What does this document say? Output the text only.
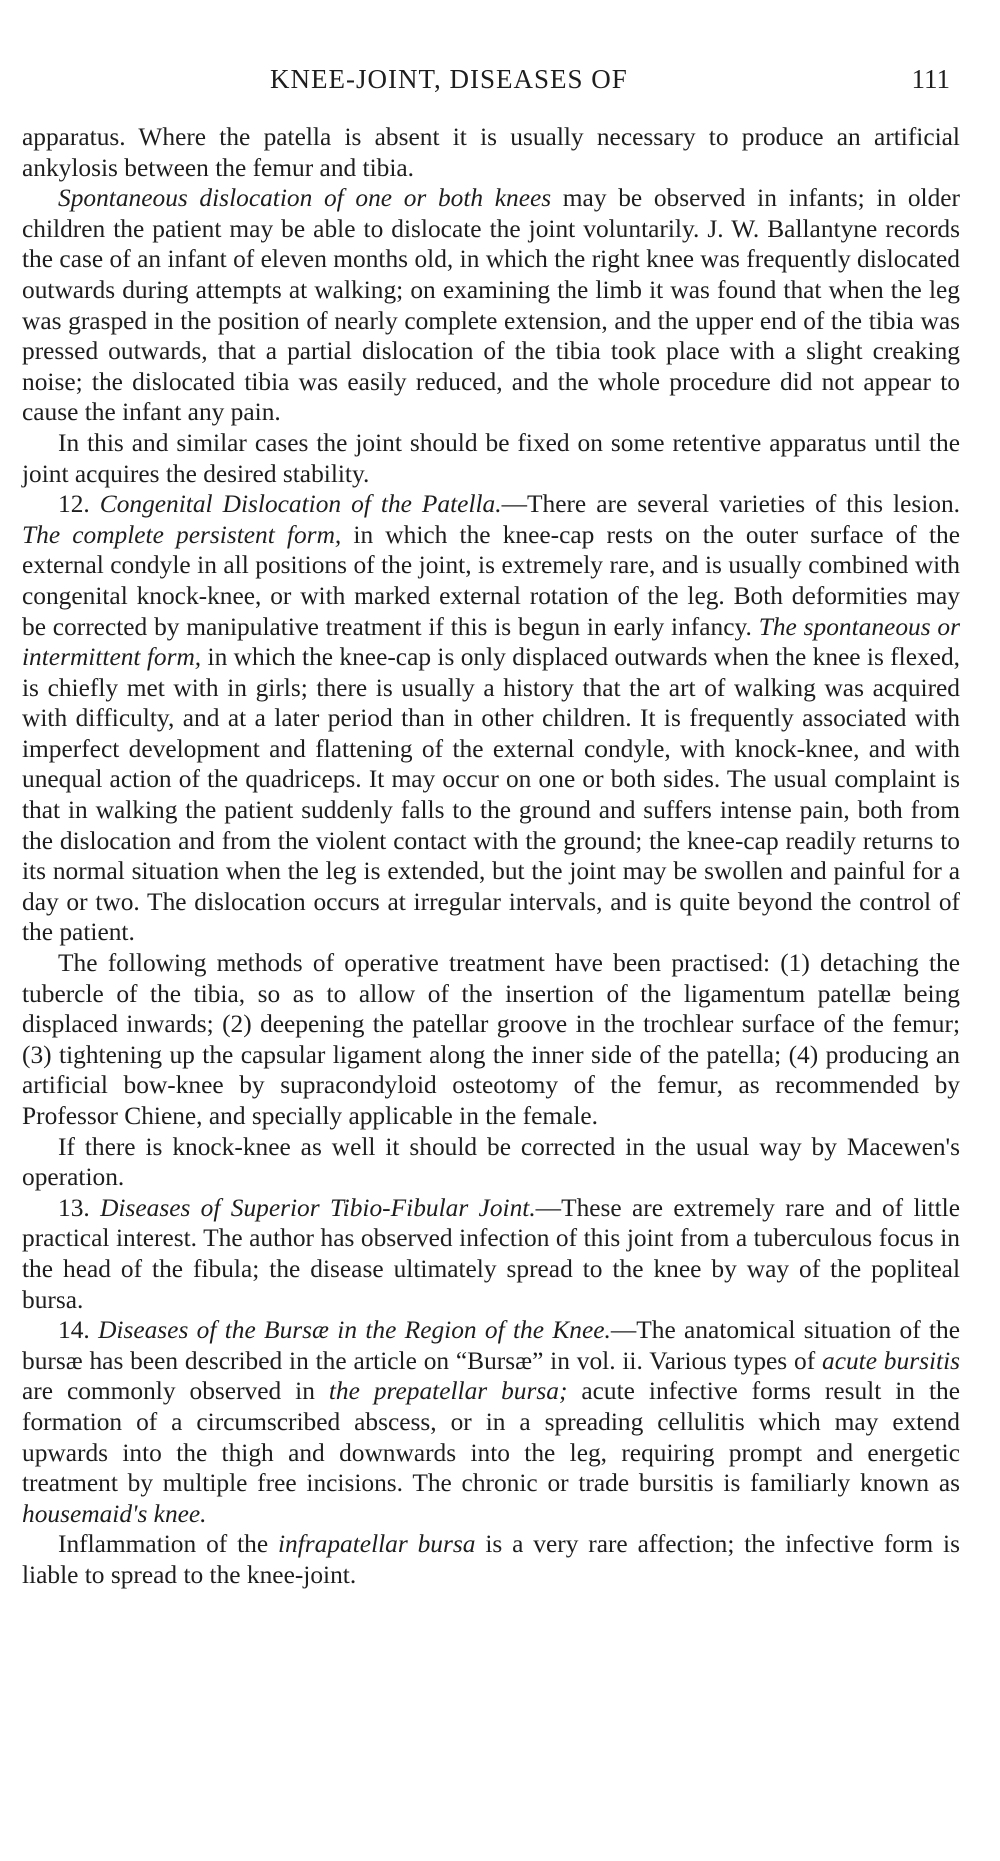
KNEE-JOINT, DISEASES OF	111

apparatus. Where the patella is absent it is usually necessary to produce an artificial ankylosis between the femur and tibia.

Spontaneous dislocation of one or both knees may be observed in infants; in older children the patient may be able to dislocate the joint voluntarily. J. W. Ballantyne records the case of an infant of eleven months old, in which the right knee was frequently dislocated outwards during attempts at walking; on examining the limb it was found that when the leg was grasped in the position of nearly complete extension, and the upper end of the tibia was pressed outwards, that a partial dislocation of the tibia took place with a slight creaking noise; the dislocated tibia was easily reduced, and the whole procedure did not appear to cause the infant any pain.

In this and similar cases the joint should be fixed on some retentive apparatus until the joint acquires the desired stability.

12. Congenital Dislocation of the Patella.—There are several varieties of this lesion. The complete persistent form, in which the knee-cap rests on the outer surface of the external condyle in all positions of the joint, is extremely rare, and is usually combined with congenital knock-knee, or with marked external rotation of the leg. Both deformities may be corrected by manipulative treatment if this is begun in early infancy. The spontaneous or intermittent form, in which the knee-cap is only displaced outwards when the knee is flexed, is chiefly met with in girls; there is usually a history that the art of walking was acquired with difficulty, and at a later period than in other children. It is frequently associated with imperfect development and flattening of the external condyle, with knock-knee, and with unequal action of the quadriceps. It may occur on one or both sides. The usual complaint is that in walking the patient suddenly falls to the ground and suffers intense pain, both from the dislocation and from the violent contact with the ground; the knee-cap readily returns to its normal situation when the leg is extended, but the joint may be swollen and painful for a day or two. The dislocation occurs at irregular intervals, and is quite beyond the control of the patient.

The following methods of operative treatment have been practised: (1) detaching the tubercle of the tibia, so as to allow of the insertion of the ligamentum patellæ being displaced inwards; (2) deepening the patellar groove in the trochlear surface of the femur; (3) tightening up the capsular ligament along the inner side of the patella; (4) producing an artificial bow-knee by supracondyloid osteotomy of the femur, as recommended by Professor Chiene, and specially applicable in the female.

If there is knock-knee as well it should be corrected in the usual way by Macewen's operation.

13. Diseases of Superior Tibio-Fibular Joint.—These are extremely rare and of little practical interest. The author has observed infection of this joint from a tuberculous focus in the head of the fibula; the disease ultimately spread to the knee by way of the popliteal bursa.

14. Diseases of the Bursæ in the Region of the Knee.—The anatomical situation of the bursæ has been described in the article on “Bursæ” in vol. ii. Various types of acute bursitis are commonly observed in the prepatellar bursa; acute infective forms result in the formation of a circumscribed abscess, or in a spreading cellulitis which may extend upwards into the thigh and downwards into the leg, requiring prompt and energetic treatment by multiple free incisions. The chronic or trade bursitis is familiarly known as housemaid's knee.

Inflammation of the infrapatellar bursa is a very rare affection; the infective form is liable to spread to the knee-joint.
